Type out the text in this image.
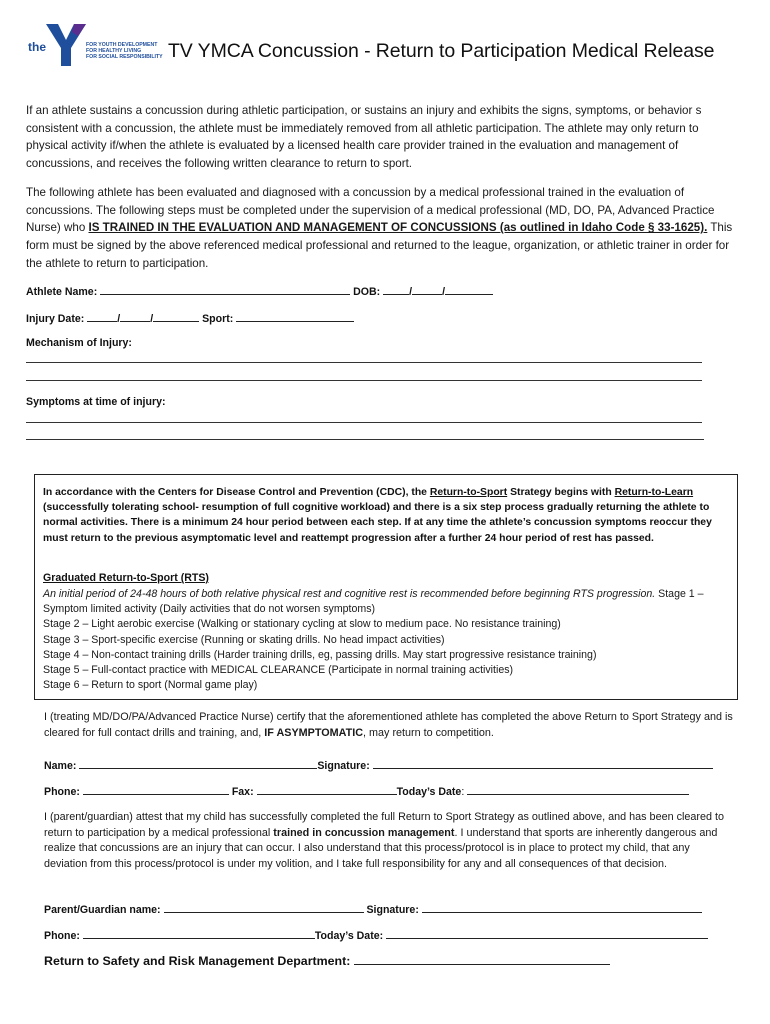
the	FOR YOUTH DEVELOPMENT
FOR HEALTHY LIVING
FOR SOCIAL RESPONSIBILITY TV YMCA Concussion - Return to Participation Medical Release
If an athlete sustains a concussion during athletic participation, or sustains an injury and exhibits the signs, symptoms, or behavior s consistent with a concussion, the athlete must be immediately removed from all athletic participation. The athlete may only return to physical activity if/when the athlete is evaluated by a licensed health care provider trained in the evaluation and management of concussions, and receives the following written clearance to return to sport.
The following athlete has been evaluated and diagnosed with a concussion by a medical professional trained in the evaluation of concussions. The following steps must be completed under the supervision of a medical professional (MD, DO, PA, Advanced Practice Nurse) who IS TRAINED IN THE EVALUATION AND MANAGEMENT OF CONCUSSIONS (as outlined in Idaho Code § 33-1625). This form must be signed by the above referenced medical professional and returned to the league, organization, or athletic trainer in order for the athlete to return to participation.
Athlete Name:	DOB:	/	/
Injury Date:	/	/	Sport:
Mechanism of Injury:
Symptoms at time of injury:
In accordance with the Centers for Disease Control and Prevention (CDC), the Return-to-Sport Strategy begins with Return-to-Learn (successfully tolerating school- resumption of full cognitive workload) and there is a six step process gradually returning the athlete to normal activities. There is a minimum 24 hour period between each step. If at any time the athlete’s concussion symptoms reoccur they must return to the previous asymptomatic level and reattempt progression after a further 24 hour period of rest has passed.
Graduated Return-to-Sport (RTS)
An initial period of 24-48 hours of both relative physical rest and cognitive rest is recommended before beginning RTS progression. Stage 1 – Symptom limited activity (Daily activities that do not worsen symptoms)
Stage 2 – Light aerobic exercise (Walking or stationary cycling at slow to medium pace. No resistance training)
Stage 3 – Sport-specific exercise (Running or skating drills. No head impact activities)
Stage 4 – Non-contact training drills (Harder training drills, eg, passing drills. May start progressive resistance training)
Stage 5 – Full-contact practice with MEDICAL CLEARANCE (Participate in normal training activities)
Stage 6 – Return to sport (Normal game play)
I (treating MD/DO/PA/Advanced Practice Nurse) certify that the aforementioned athlete has completed the above Return to Sport Strategy and is cleared for full contact drills and training, and, IF ASYMPTOMATIC, may return to competition.
Name:	Signature:
Phone:	Fax:	Today’s Date:
I (parent/guardian) attest that my child has successfully completed the full Return to Sport Strategy as outlined above, and has been cleared to return to participation by a medical professional trained in concussion management. I understand that sports are inherently dangerous and realize that concussions are an injury that can occur. I also understand that this process/protocol is in place to protect my child, that any deviation from this process/protocol is under my volition, and I take full responsibility for any and all consequences of that decision.
Parent/Guardian name:	Signature:
Phone:	Today’s Date:
Return to Safety and Risk Management Department:
